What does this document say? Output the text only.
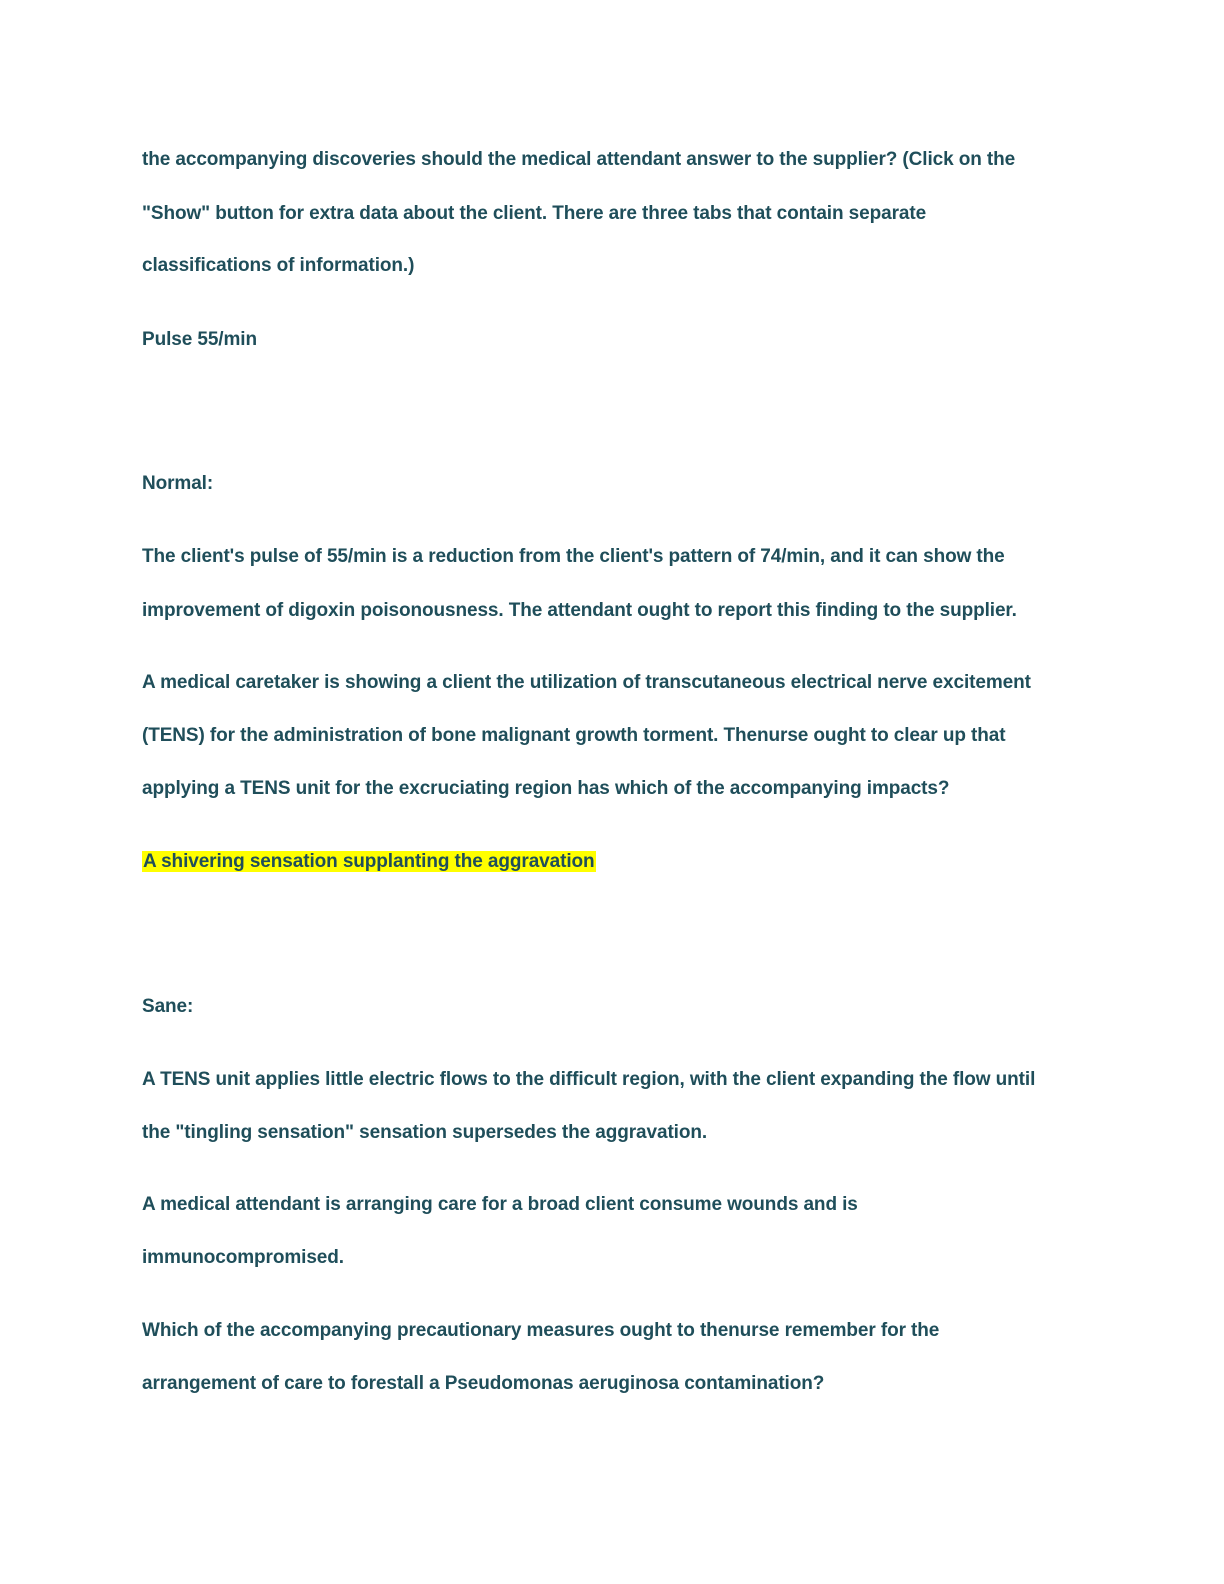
the accompanying discoveries should the medical attendant answer to the supplier? (Click on the

"Show" button for extra data about the client. There are three tabs that contain separate

classifications of information.)

Pulse 55/min

Normal:

The client's pulse of 55/min is a reduction from the client's pattern of 74/min, and it can show the

improvement of digoxin poisonousness. The attendant ought to report this finding to the supplier.

A medical caretaker is showing a client the utilization of transcutaneous electrical nerve excitement

(TENS) for the administration of bone malignant growth torment. Thenurse ought to clear up that

applying a TENS unit for the excruciating region has which of the accompanying impacts?

A shivering sensation supplanting the aggravation

Sane:

A TENS unit applies little electric flows to the difficult region, with the client expanding the flow until

the "tingling sensation" sensation supersedes the aggravation.

A medical attendant is arranging care for a broad client consume wounds and is

immunocompromised.

Which of the accompanying precautionary measures ought to thenurse remember for the

arrangement of care to forestall a Pseudomonas aeruginosa contamination?
